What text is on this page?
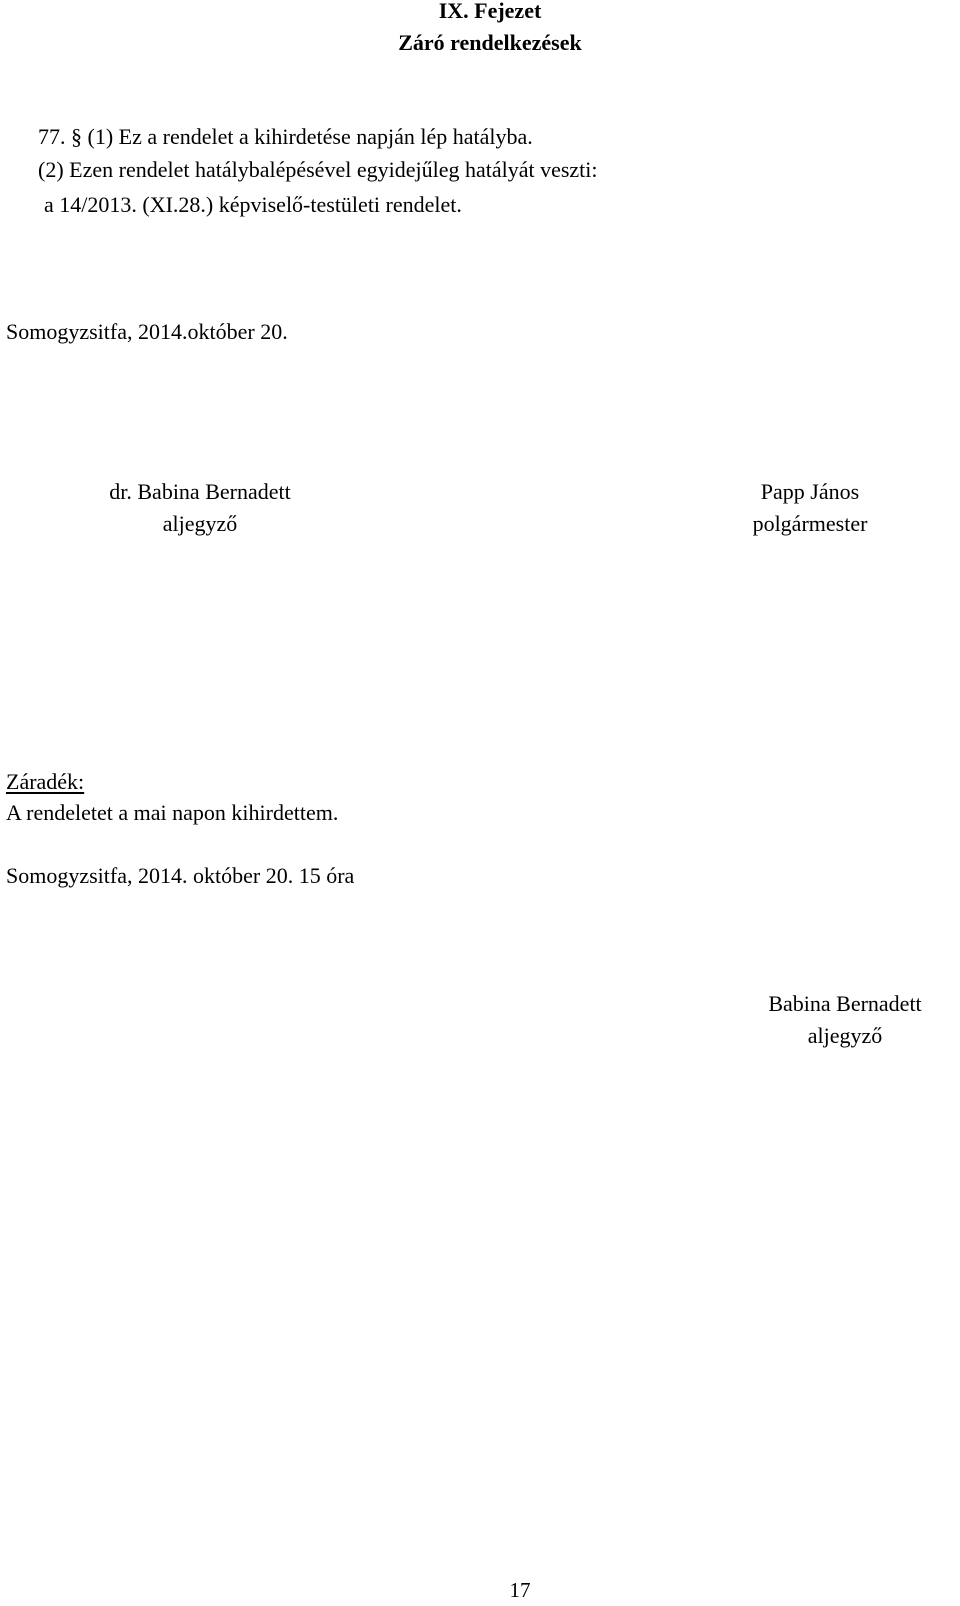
IX. Fejezet
Záró rendelkezések
77. § (1) Ez a rendelet a kihirdetése napján lép hatályba.
(2) Ezen rendelet hatálybalépésével egyidejűleg hatályát veszti:
a 14/2013. (XI.28.) képviselő-testületi rendelet.
Somogyzsitfa, 2014.október 20.
dr. Babina Bernadett
aljegyző
Papp János
polgármester
Záradék:
A rendeletet a mai napon kihirdettem.
Somogyzsitfa, 2014. október 20. 15 óra
Babina Bernadett
aljegyző
17
